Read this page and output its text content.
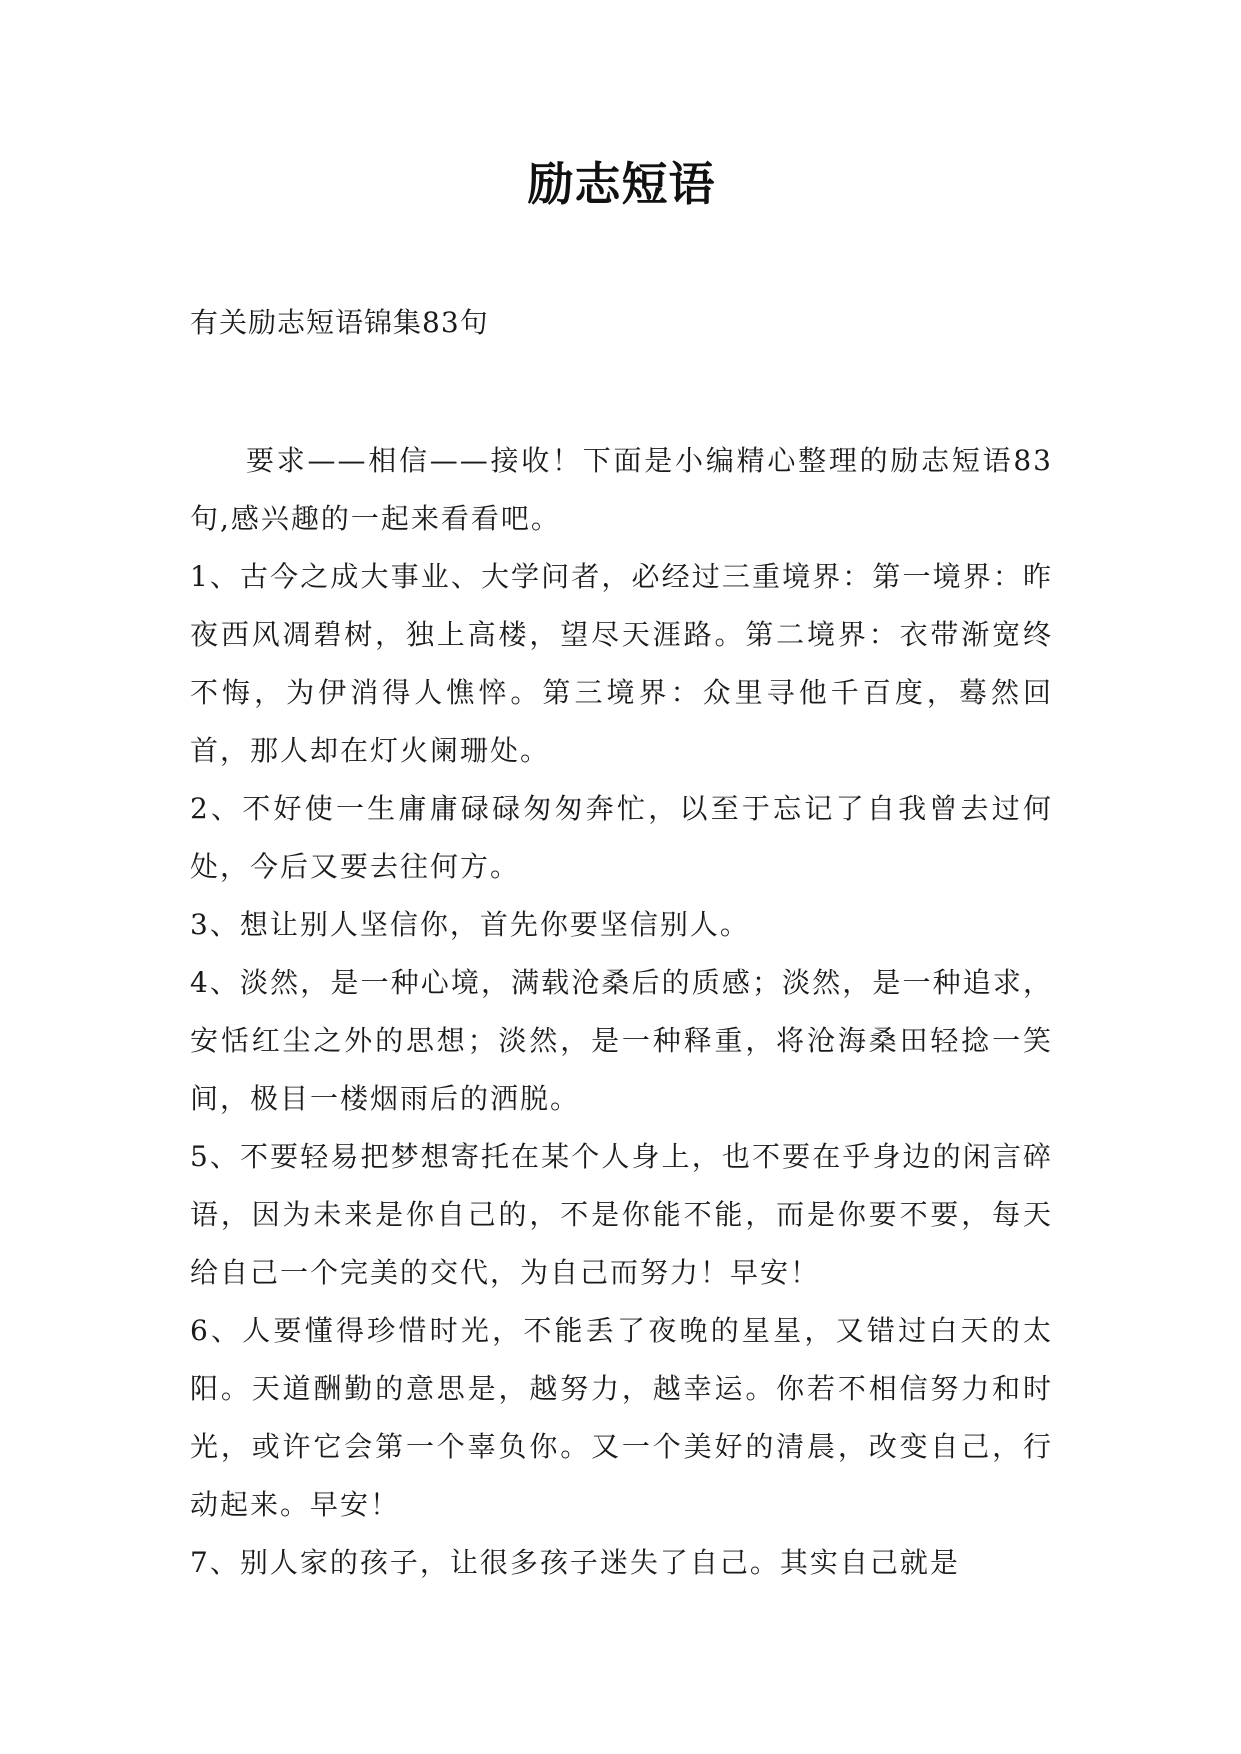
励志短语

有关励志短语锦集83句

要求——相信——接收！下面是小编精心整理的励志短语83句,感兴趣的一起来看看吧。

1、古今之成大事业、大学问者，必经过三重境界：第一境界：昨夜西风凋碧树，独上高楼，望尽天涯路。第二境界：衣带渐宽终不悔，为伊消得人憔悴。第三境界：众里寻他千百度，蓦然回首，那人却在灯火阑珊处。

2、不好使一生庸庸碌碌匆匆奔忙，以至于忘记了自我曾去过何处，今后又要去往何方。

3、想让别人坚信你，首先你要坚信别人。

4、淡然，是一种心境，满载沧桑后的质感；淡然，是一种追求，安恬红尘之外的思想；淡然，是一种释重，将沧海桑田轻捻一笑间，极目一楼烟雨后的洒脱。

5、不要轻易把梦想寄托在某个人身上，也不要在乎身边的闲言碎语，因为未来是你自己的，不是你能不能，而是你要不要，每天给自己一个完美的交代，为自己而努力！早安！

6、人要懂得珍惜时光，不能丢了夜晚的星星，又错过白天的太阳。天道酬勤的意思是，越努力，越幸运。你若不相信努力和时光，或许它会第一个辜负你。又一个美好的清晨，改变自己，行动起来。早安！

7、别人家的孩子，让很多孩子迷失了自己。其实自己就是
